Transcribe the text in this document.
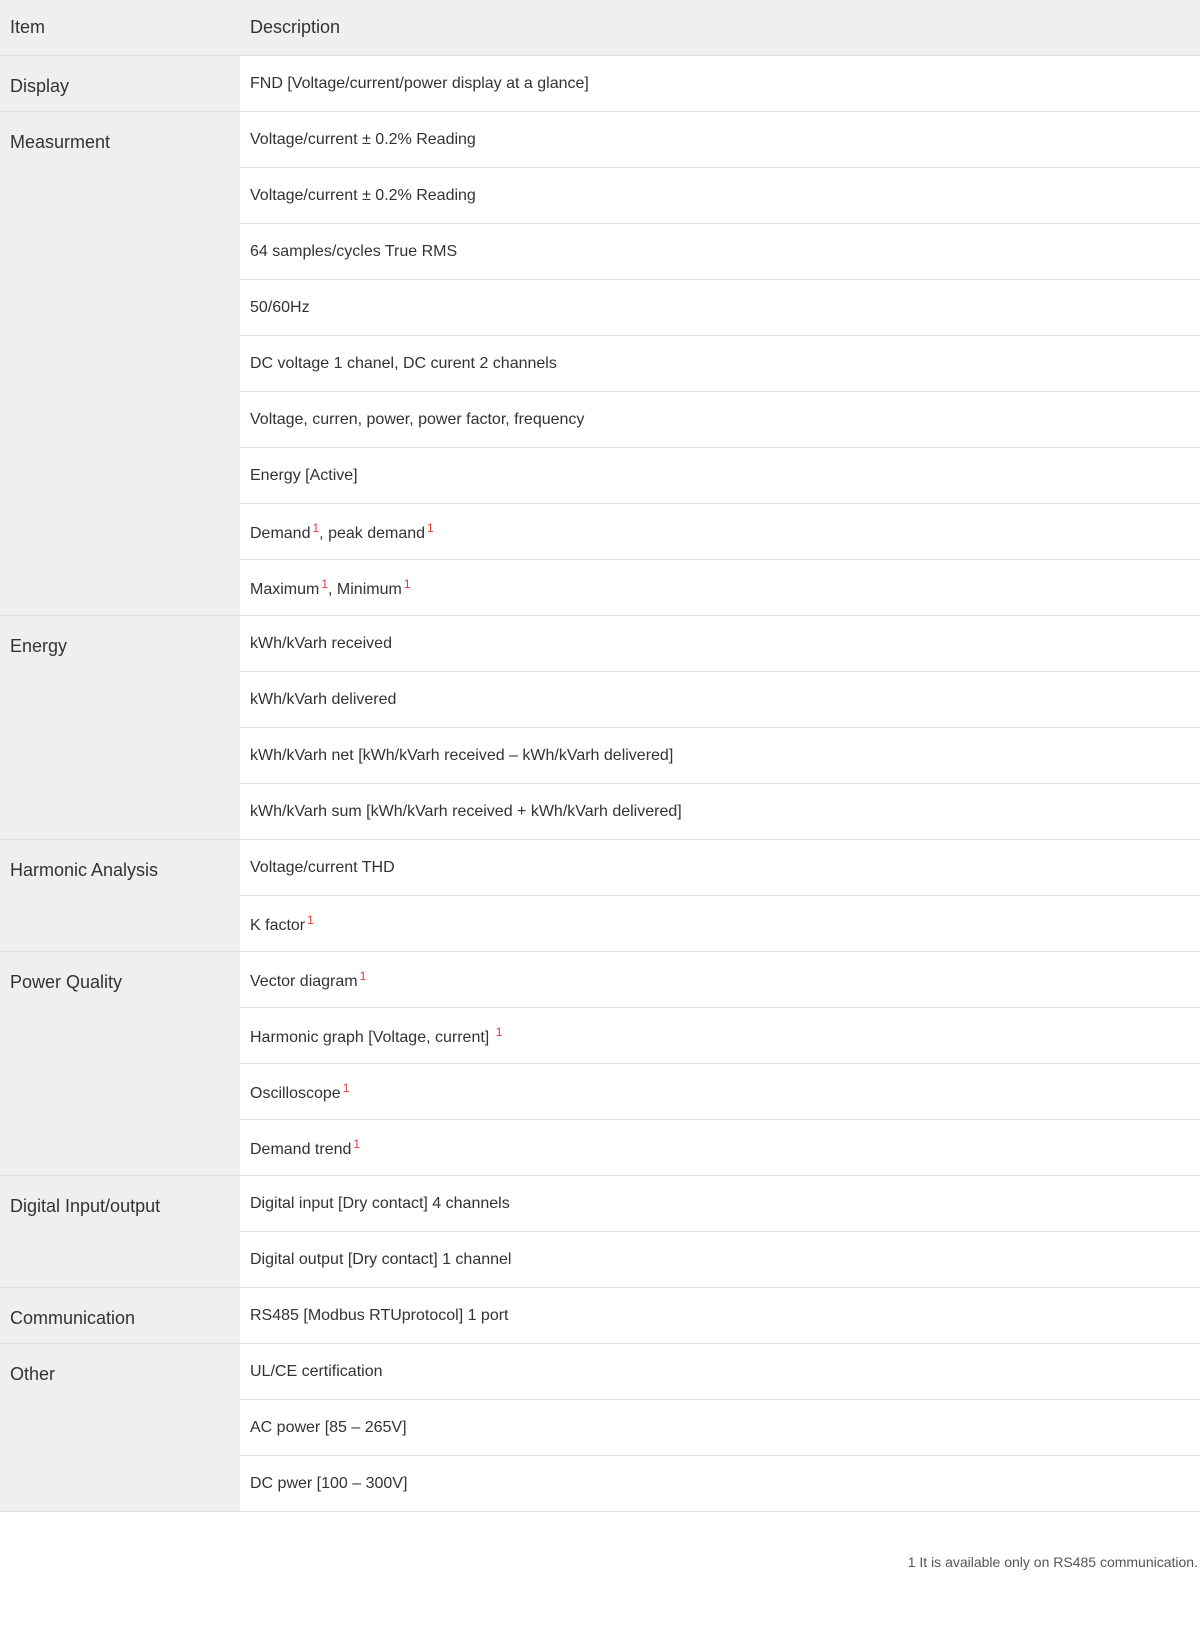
Item	Description
Display	FND [Voltage/current/power display at a glance]
Measurment	Voltage/current ± 0.2% Reading
	Voltage/current ± 0.2% Reading
	64 samples/cycles True RMS
	50/60Hz
	DC voltage 1 chanel, DC curent 2 channels
	Voltage, curren, power, power factor, frequency
	Energy [Active]
	Demand $^1$, peak demand $^1$
	Maximum $^1$, Minimum $^1$
Energy	kWh/kVarh received
	kWh/kVarh delivered
	kWh/kVarh net [kWh/kVarh received – kWh/kVarh delivered]
	kWh/kVarh sum [kWh/kVarh received + kWh/kVarh delivered]
Harmonic Analysis	Voltage/current THD
	K factor $^1$
Power Quality	Vector diagram $^1$
	Harmonic graph [Voltage, current] $^1$
	Oscilloscope $^1$
	Demand trend $^1$
Digital Input/output	Digital input [Dry contact] 4 channels
	Digital output [Dry contact] 1 channel
Communication	RS485 [Modbus RTUprotocol] 1 port
Other	UL/CE certification
	AC power [85 – 265V]
	DC pwer [100 – 300V]
1 It is available only on RS485 communication.
